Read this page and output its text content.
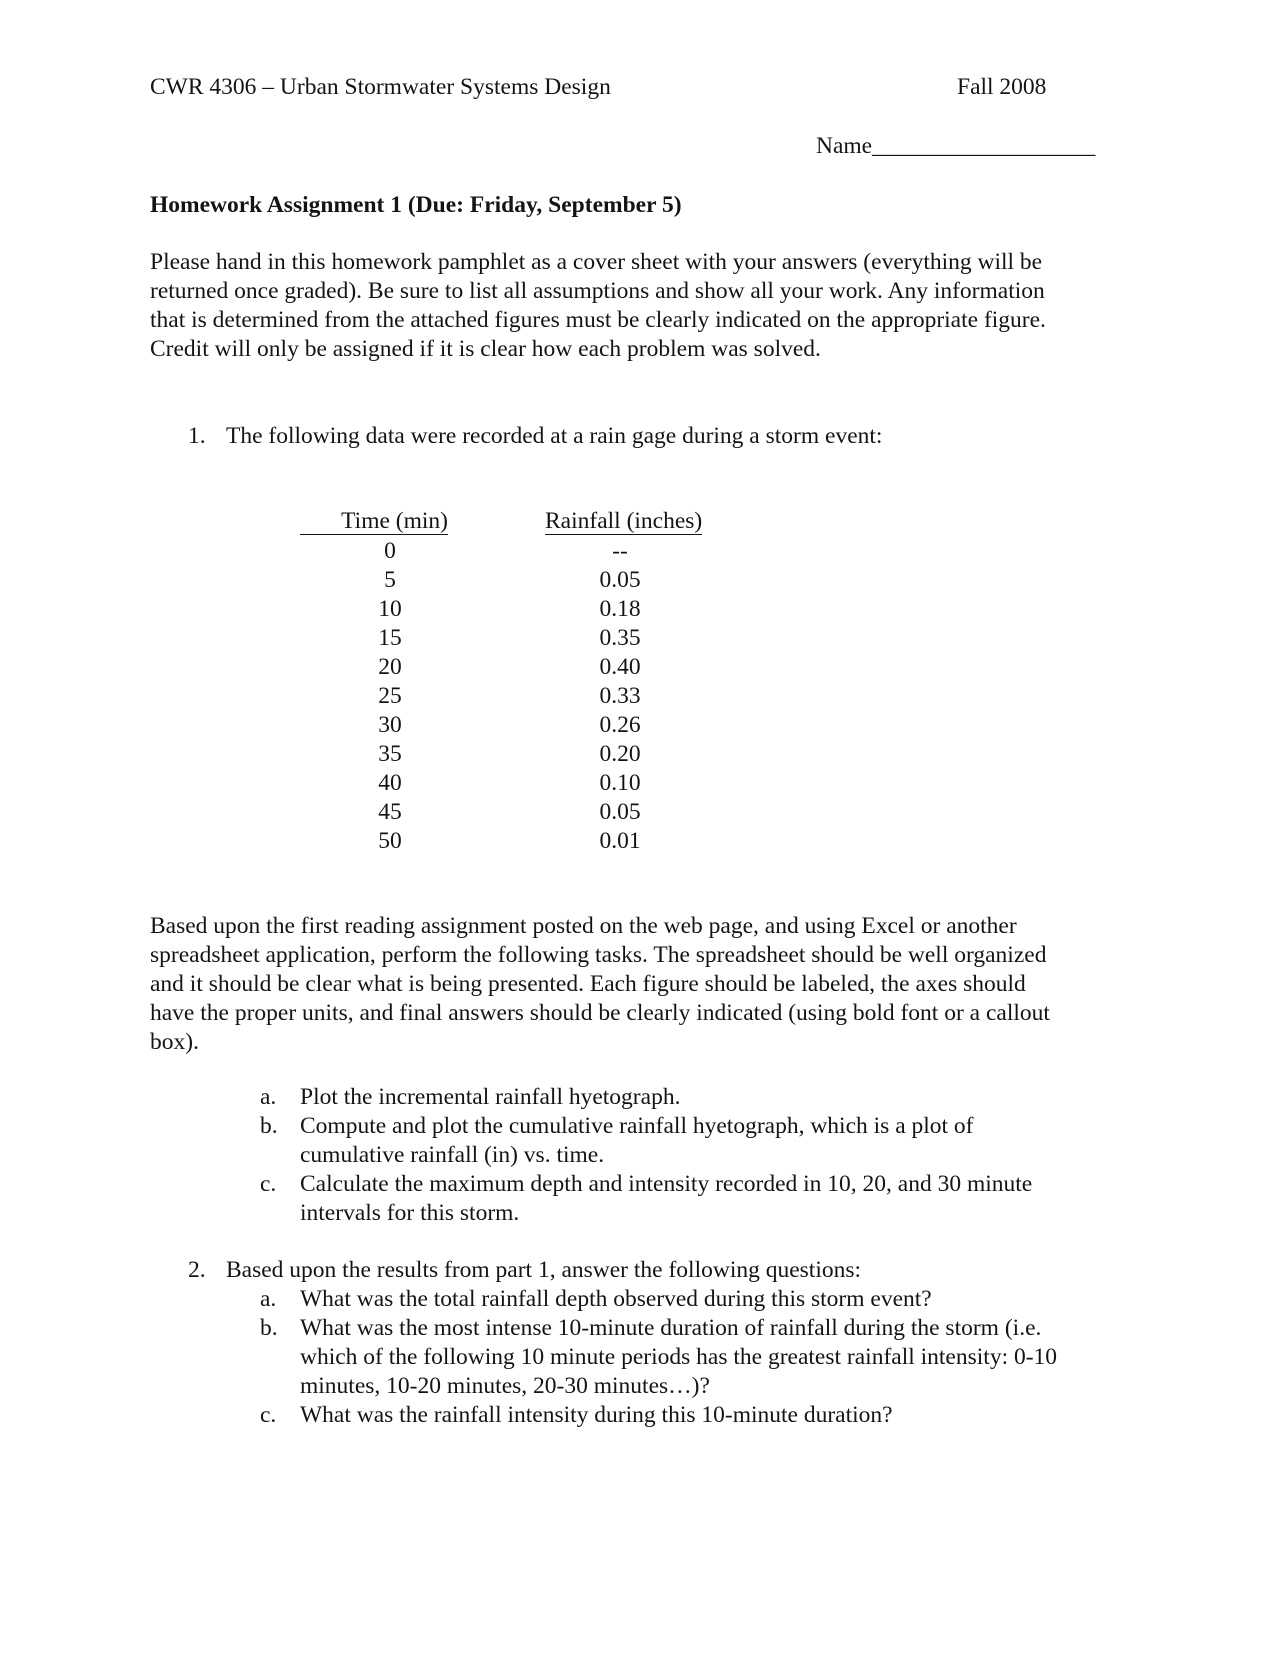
CWR 4306 – Urban Stormwater Systems Design	Fall 2008
Name___________________
Homework Assignment 1 (Due: Friday, September 5)
Please hand in this homework pamphlet as a cover sheet with your answers (everything will be
returned once graded). Be sure to list all assumptions and show all your work. Any information
that is determined from the attached figures must be clearly indicated on the appropriate figure.
Credit will only be assigned if it is clear how each problem was solved.
1. The following data were recorded at a rain gage during a storm event:
Time (min)	Rainfall (inches)
0
5
10
15
20
25
30
35
40
45
50
--
0.05
0.18
0.35
0.40
0.33
0.26
0.20
0.10
0.05
0.01
Based upon the first reading assignment posted on the web page, and using Excel or another
spreadsheet application, perform the following tasks. The spreadsheet should be well organized
and it should be clear what is being presented. Each figure should be labeled, the axes should
have the proper units, and final answers should be clearly indicated (using bold font or a callout
box).
a. Plot the incremental rainfall hyetograph.
b. Compute and plot the cumulative rainfall hyetograph, which is a plot of
cumulative rainfall (in) vs. time.
c. Calculate the maximum depth and intensity recorded in 10, 20, and 30 minute
intervals for this storm.
2. Based upon the results from part 1, answer the following questions:
a. What was the total rainfall depth observed during this storm event?
b. What was the most intense 10-minute duration of rainfall during the storm (i.e.
which of the following 10 minute periods has the greatest rainfall intensity: 0-10
minutes, 10-20 minutes, 20-30 minutes…)?
c. What was the rainfall intensity during this 10-minute duration?
